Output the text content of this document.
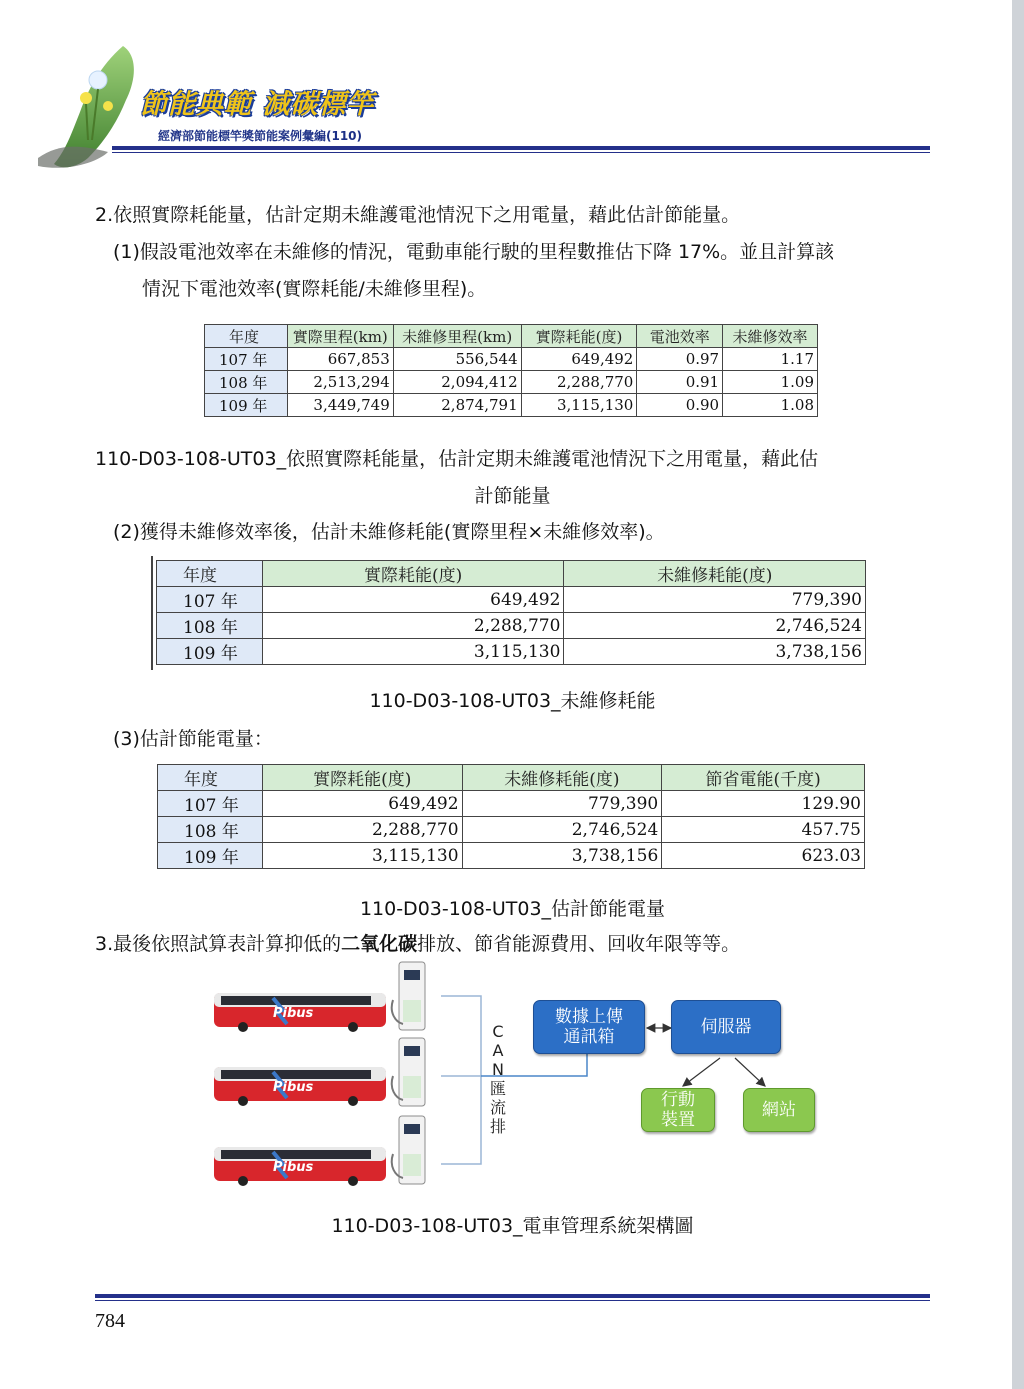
節能典範 減碳標竿
經濟部節能標竿獎節能案例彙編(110)
2.依照實際耗能量，估計定期未維護電池情況下之用電量，藉此估計節能量。
(1)假設電池效率在未維修的情況，電動車能行駛的里程數推估下降 17%。並且計算該
情況下電池效率(實際耗能/未維修里程)。
年度	實際里程(km)	未維修里程(km)	實際耗能(度)	電池效率	未維修效率
107 年	667,853	556,544	649,492	0.97	1.17
108 年	2,513,294	2,094,412	2,288,770	0.91	1.09
109 年	3,449,749	2,874,791	3,115,130	0.90	1.08
110-D03-108-UT03_依照實際耗能量，估計定期未維護電池情況下之用電量，藉此估
計節能量
(2)獲得未維修效率後，估計未維修耗能(實際里程×未維修效率)。
年度	實際耗能(度)	未維修耗能(度)
107 年	649,492	779,390
108 年	2,288,770	2,746,524
109 年	3,115,130	3,738,156
110-D03-108-UT03_未維修耗能
(3)估計節能電量：
年度	實際耗能(度)	未維修耗能(度)	節省電能(千度)
107 年	649,492	779,390	129.90
108 年	2,288,770	2,746,524	457.75
109 年	3,115,130	3,738,156	623.03
110-D03-108-UT03_估計節能電量
3.最後依照試算表計算抑低的二氧化碳排放、節省能源費用、回收年限等等。
Pibus
Pibus
Pibus
C
A
N
匯
流
排
數據上傳
通訊箱	伺服器
行動
裝置	網站
110-D03-108-UT03_電車管理系統架構圖
784
